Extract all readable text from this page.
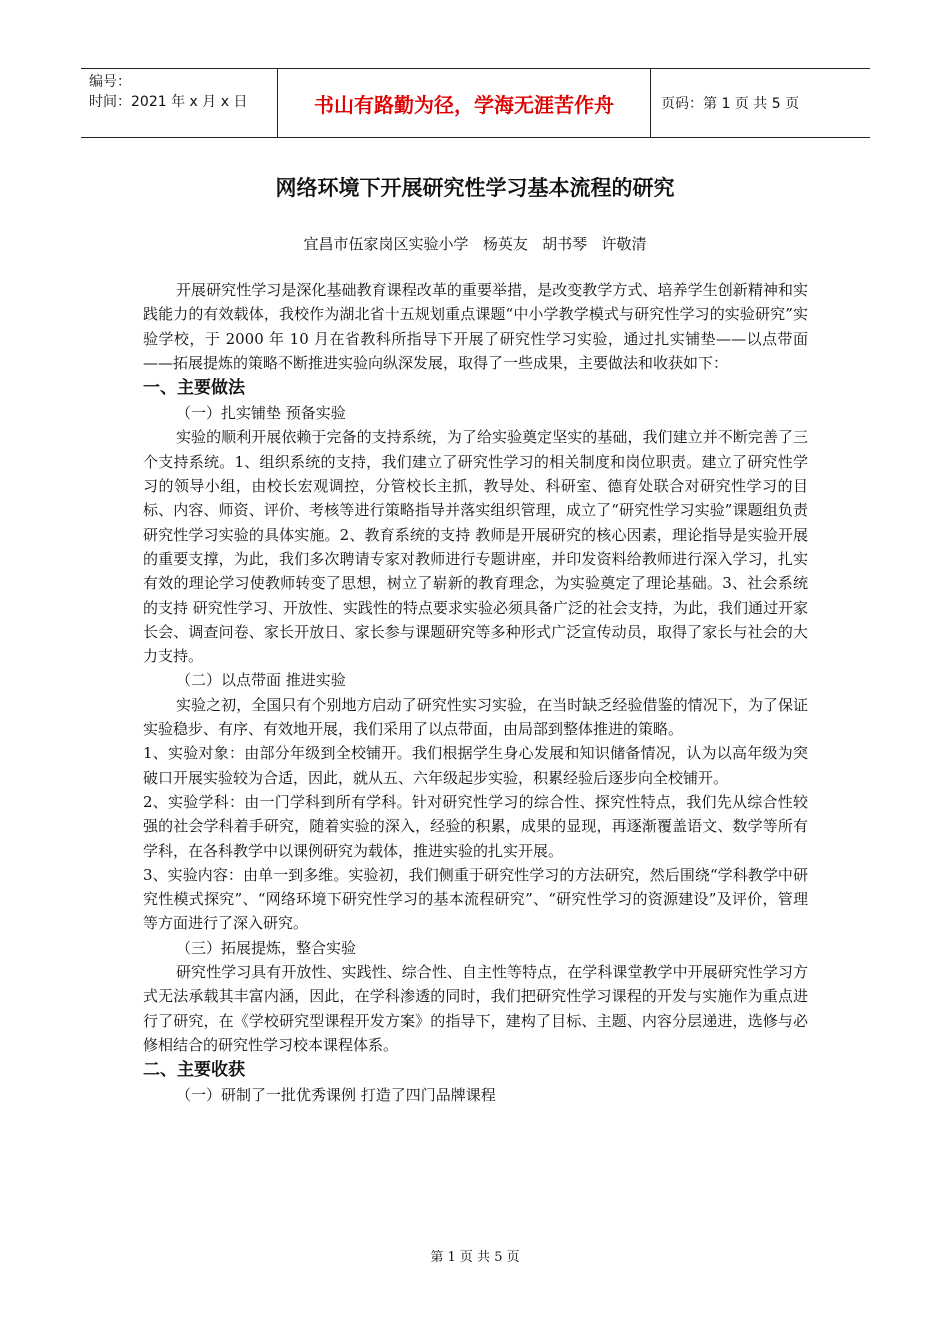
编号：
时间：2021 年 x 月 x 日	书山有路勤为径，学海无涯苦作舟	页码：第 1 页 共 5 页
网络环境下开展研究性学习基本流程的研究
宜昌市伍家岗区实验小学   杨英友   胡书琴   许敬清

开展研究性学习是深化基础教育课程改革的重要举措，是改变教学方式、培养学生创新精神和实践能力的有效载体，我校作为湖北省十五规划重点课题“中小学教学模式与研究性学习的实验研究”实验学校，于 2000 年 10 月在省教科所指导下开展了研究性学习实验，通过扎实铺垫——以点带面——拓展提炼的策略不断推进实验向纵深发展，取得了一些成果，主要做法和收获如下：

一、主要做法

（一）扎实铺垫 预备实验

实验的顺利开展依赖于完备的支持系统，为了给实验奠定坚实的基础，我们建立并不断完善了三个支持系统。1、组织系统的支持，我们建立了研究性学习的相关制度和岗位职责。建立了研究性学习的领导小组，由校长宏观调控，分管校长主抓，教导处、科研室、德育处联合对研究性学习的目标、内容、师资、评价、考核等进行策略指导并落实组织管理，成立了“研究性学习实验”课题组负责研究性学习实验的具体实施。2、教育系统的支持 教师是开展研究的核心因素，理论指导是实验开展的重要支撑，为此，我们多次聘请专家对教师进行专题讲座，并印发资料给教师进行深入学习，扎实有效的理论学习使教师转变了思想，树立了崭新的教育理念，为实验奠定了理论基础。3、社会系统的支持 研究性学习、开放性、实践性的特点要求实验必须具备广泛的社会支持，为此，我们通过开家长会、调查问卷、家长开放日、家长参与课题研究等多种形式广泛宣传动员，取得了家长与社会的大力支持。

（二）以点带面 推进实验

实验之初，全国只有个别地方启动了研究性实习实验，在当时缺乏经验借鉴的情况下，为了保证实验稳步、有序、有效地开展，我们采用了以点带面，由局部到整体推进的策略。

1、实验对象：由部分年级到全校铺开。我们根据学生身心发展和知识储备情况，认为以高年级为突破口开展实验较为合适，因此，就从五、六年级起步实验，积累经验后逐步向全校铺开。

2、实验学科：由一门学科到所有学科。针对研究性学习的综合性、探究性特点，我们先从综合性较强的社会学科着手研究，随着实验的深入，经验的积累，成果的显现，再逐渐覆盖语文、数学等所有学科，在各科教学中以课例研究为载体，推进实验的扎实开展。

3、实验内容：由单一到多维。实验初，我们侧重于研究性学习的方法研究，然后围绕“学科教学中研究性模式探究”、“网络环境下研究性学习的基本流程研究”、“研究性学习的资源建设”及评价，管理等方面进行了深入研究。

（三）拓展提炼，整合实验

研究性学习具有开放性、实践性、综合性、自主性等特点，在学科课堂教学中开展研究性学习方式无法承载其丰富内涵，因此，在学科渗透的同时，我们把研究性学习课程的开发与实施作为重点进行了研究，在《学校研究型课程开发方案》的指导下，建构了目标、主题、内容分层递进，选修与必修相结合的研究性学习校本课程体系。

二、主要收获

（一）研制了一批优秀课例 打造了四门品牌课程

第 1 页 共 5 页
